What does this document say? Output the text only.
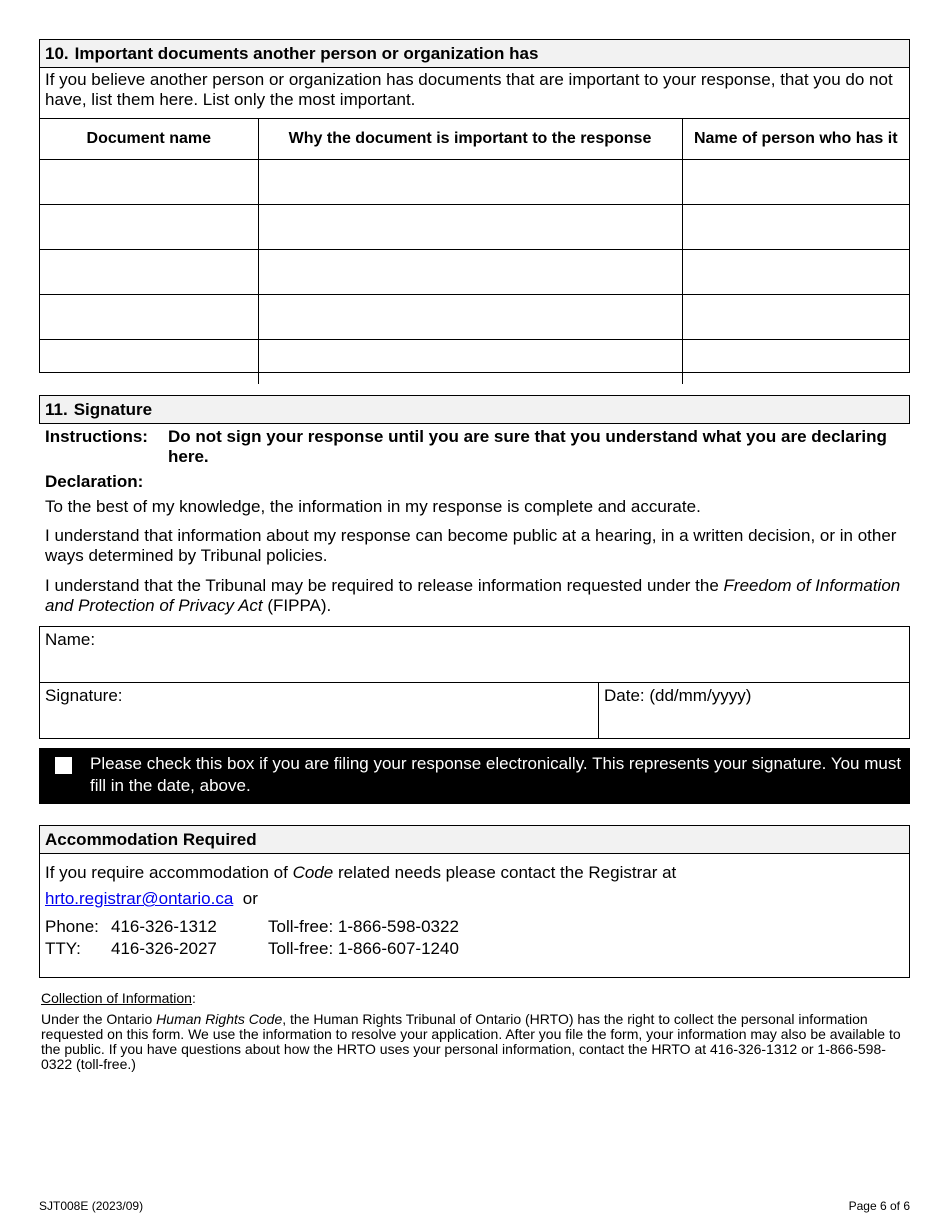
10. Important documents another person or organization has
If you believe another person or organization has documents that are important to your response, that you do not have, list them here. List only the most important.
Document name	Why the document is important to the response	Name of person who has it

11. Signature
Instructions:	Do not sign your response until you are sure that you understand what you are declaring here.
Declaration:

To the best of my knowledge, the information in my response is complete and accurate.

I understand that information about my response can become public at a hearing, in a written decision, or in other ways determined by Tribunal policies.

I understand that the Tribunal may be required to release information requested under the Freedom of Information and Protection of Privacy Act (FIPPA).

Name:
Signature:	Date: (dd/mm/yyyy)
Please check this box if you are filing your response electronically. This represents your signature. You must fill in the date, above.
Accommodation Required
If you require accommodation of Code related needs please contact the Registrar at
hrto.registrar@ontario.ca or
Phone: 416-326-1312	Toll-free: 1-866-598-0322
TTY:	416-326-2027	Toll-free: 1-866-607-1240
Collection of Information:
Under the Ontario Human Rights Code, the Human Rights Tribunal of Ontario (HRTO) has the right to collect the personal information requested on this form. We use the information to resolve your application. After you file the form, your information may also be available to the public. If you have questions about how the HRTO uses your personal information, contact the HRTO at 416-326-1312 or 1-866-598-0322 (toll-free.)
SJT008E (2023/09)	Page 6 of 6
